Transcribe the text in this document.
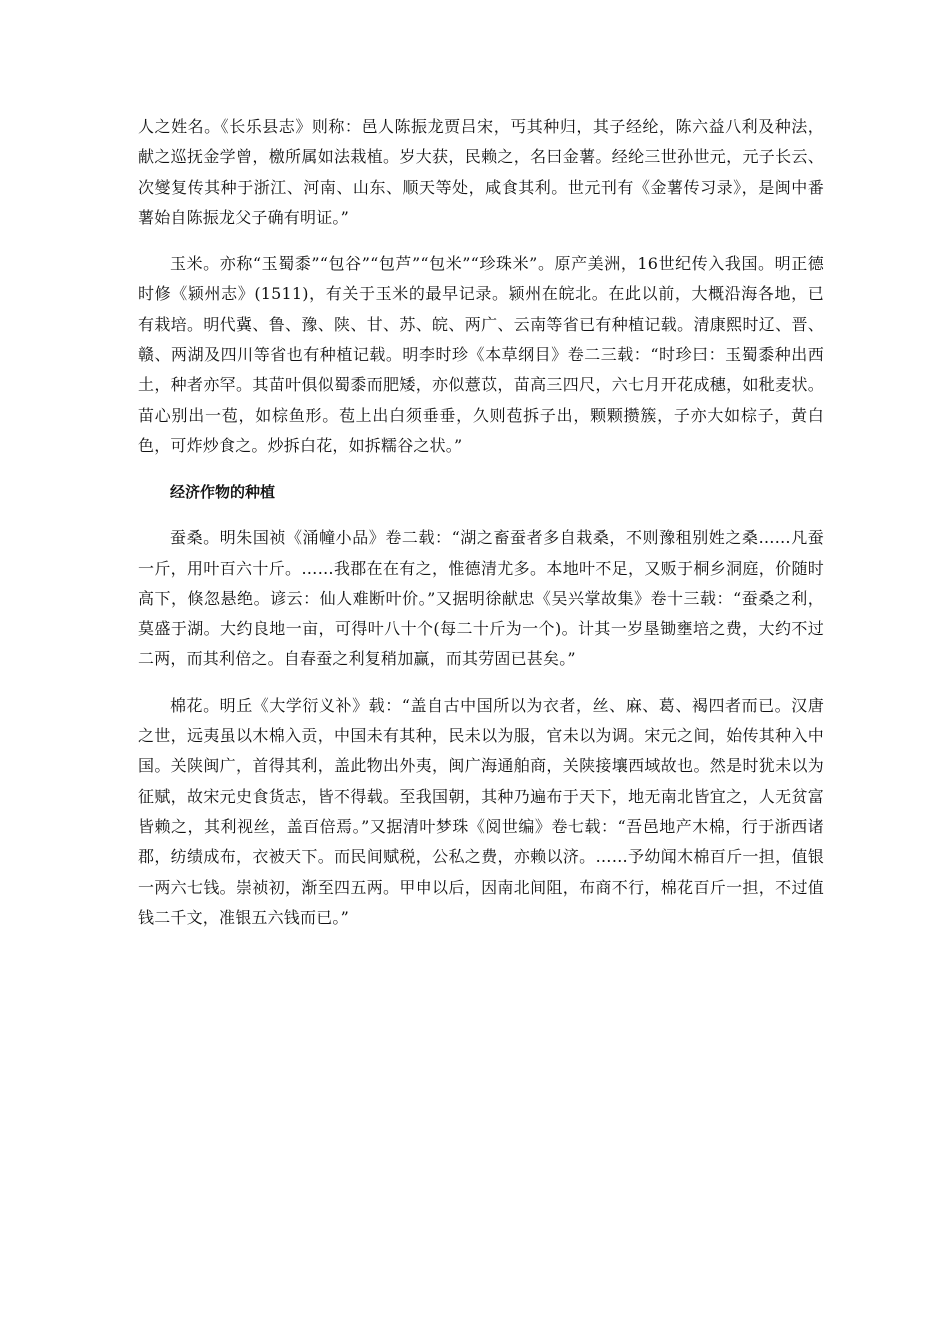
人之姓名。《长乐县志》则称：邑人陈振龙贾吕宋，丐其种归，其子经纶，陈六益八利及种法，献之巡抚金学曾，檄所属如法栽植。岁大获，民赖之，名曰金薯。经纶三世孙世元，元子长云、次燮复传其种于浙江、河南、山东、顺天等处，咸食其利。世元刊有《金薯传习录》，是闽中番薯始自陈振龙父子确有明证。”

玉米。亦称“玉蜀黍”“包谷”“包芦”“包米”“珍珠米”。原产美洲，16世纪传入我国。明正德时修《颍州志》(1511)，有关于玉米的最早记录。颍州在皖北。在此以前，大概沿海各地，已有栽培。明代冀、鲁、豫、陕、甘、苏、皖、两广、云南等省已有种植记载。清康熙时辽、晋、赣、两湖及四川等省也有种植记载。明李时珍《本草纲目》卷二三载：“时珍曰：玉蜀黍种出西土，种者亦罕。其苗叶俱似蜀黍而肥矮，亦似薏苡，苗高三四尺，六七月开花成穗，如秕麦状。苗心别出一苞，如棕鱼形。苞上出白须垂垂，久则苞拆子出，颗颗攒簇，子亦大如棕子，黄白色，可炸炒食之。炒拆白花，如拆糯谷之状。”

经济作物的种植

蚕桑。明朱国祯《涌幢小品》卷二载：“湖之畜蚕者多自栽桑，不则豫租别姓之桑……凡蚕一斤，用叶百六十斤。……我郡在在有之，惟德清尤多。本地叶不足，又贩于桐乡洞庭，价随时高下，倏忽悬绝。谚云：仙人难断叶价。”又据明徐献忠《吴兴掌故集》卷十三载：“蚕桑之利，莫盛于湖。大约良地一亩，可得叶八十个(每二十斤为一个)。计其一岁垦锄壅培之费，大约不过二两，而其利倍之。自春蚕之利复稍加赢，而其劳固已甚矣。”

棉花。明丘《大学衍义补》载：“盖自古中国所以为衣者，丝、麻、葛、褐四者而已。汉唐之世，远夷虽以木棉入贡，中国未有其种，民未以为服，官未以为调。宋元之间，始传其种入中国。关陕闽广，首得其利，盖此物出外夷，闽广海通舶商，关陕接壤西域故也。然是时犹未以为征赋，故宋元史食货志，皆不得载。至我国朝，其种乃遍布于天下，地无南北皆宜之，人无贫富皆赖之，其利视丝，盖百倍焉。”又据清叶梦珠《阅世编》卷七载：“吾邑地产木棉，行于浙西诸郡，纺绩成布，衣被天下。而民间赋税，公私之费，亦赖以济。……予幼闻木棉百斤一担，值银一两六七钱。崇祯初，渐至四五两。甲申以后，因南北间阻，布商不行，棉花百斤一担，不过值钱二千文，准银五六钱而已。”
